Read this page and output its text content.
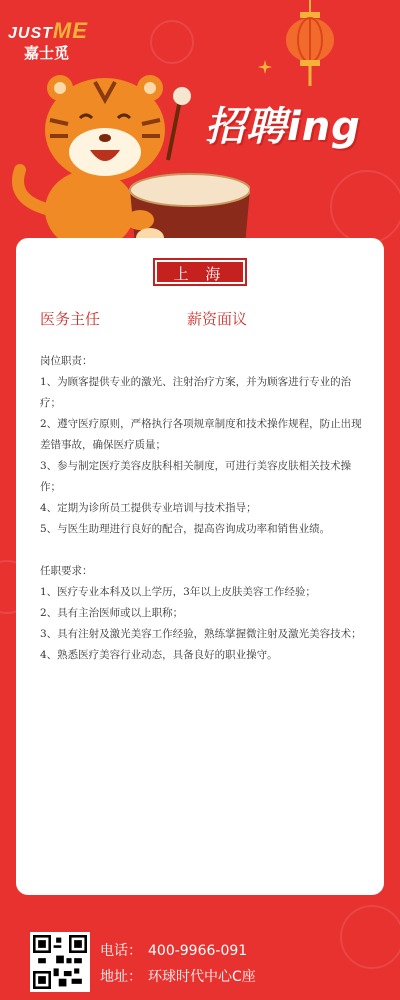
JUSTME
嘉士觅
招聘ing
上 海
医务主任	薪资面议

岗位职责：

1、为顾客提供专业的激光、注射治疗方案，并为顾客进行专业的治疗；

2、遵守医疗原则，严格执行各项规章制度和技术操作规程，防止出现差错事故，确保医疗质量；

3、参与制定医疗美容皮肤科相关制度，可进行美容皮肤相关技术操作；

4、定期为诊所员工提供专业培训与技术指导；

5、与医生助理进行良好的配合，提高咨询成功率和销售业绩。

任职要求：

1、医疗专业本科及以上学历，3年以上皮肤美容工作经验；

2、具有主治医师或以上职称；

3、具有注射及激光美容工作经验，熟练掌握微注射及激光美容技术；

4、熟悉医疗美容行业动态，具备良好的职业操守。

电话： 400-9966-091
地址： 环球时代中心C座
